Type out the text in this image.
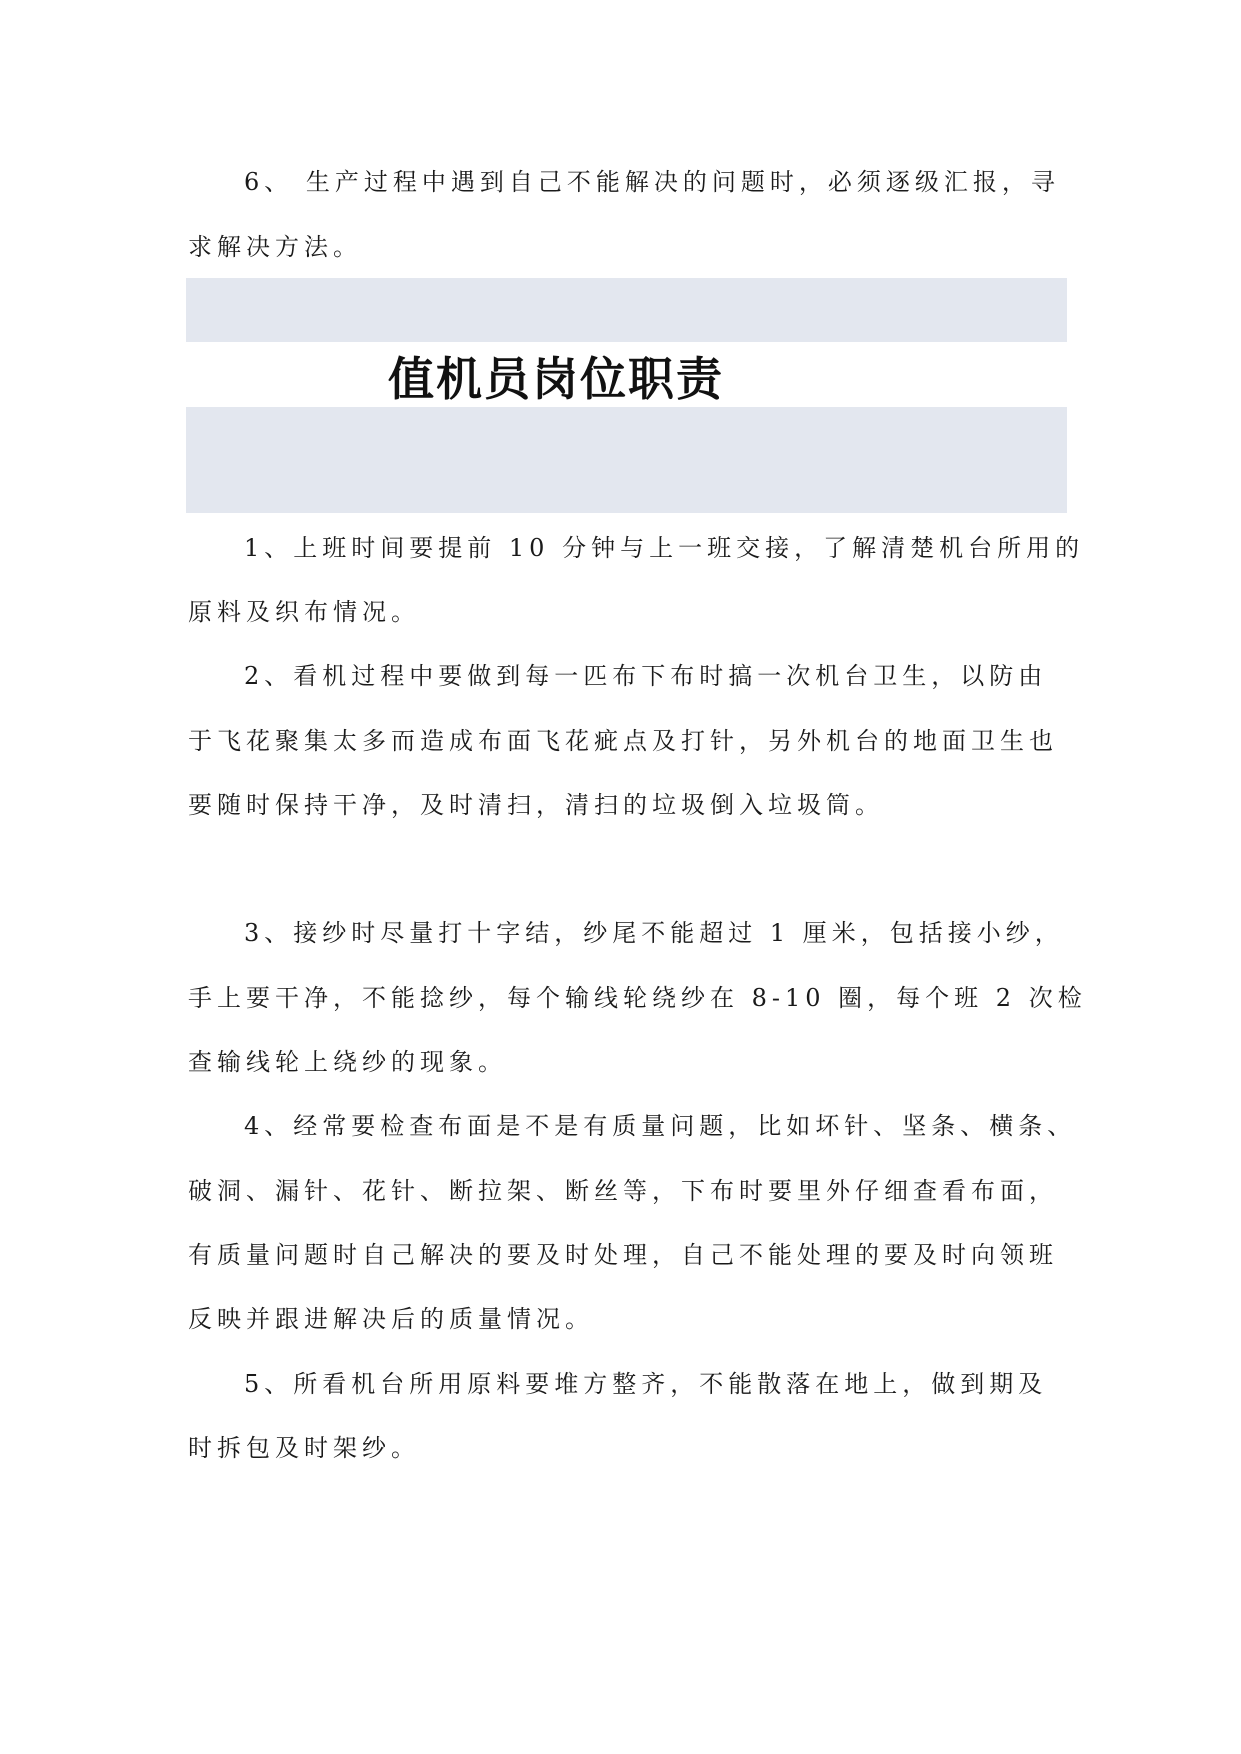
6、 生产过程中遇到自己不能解决的问题时，必须逐级汇报，寻

求解决方法。

值机员岗位职责

1、上班时间要提前 10 分钟与上一班交接，了解清楚机台所用的

原料及织布情况。

2、看机过程中要做到每一匹布下布时搞一次机台卫生，以防由

于飞花聚集太多而造成布面飞花疵点及打针，另外机台的地面卫生也

要随时保持干净，及时清扫，清扫的垃圾倒入垃圾筒。

3、接纱时尽量打十字结，纱尾不能超过 1 厘米，包括接小纱，

手上要干净，不能捻纱，每个输线轮绕纱在 8-10 圈，每个班 2 次检

查输线轮上绕纱的现象。

4、经常要检查布面是不是有质量问题，比如坏针、坚条、横条、

破洞、漏针、花针、断拉架、断丝等，下布时要里外仔细查看布面，

有质量问题时自己解决的要及时处理，自己不能处理的要及时向领班

反映并跟进解决后的质量情况。

5、所看机台所用原料要堆方整齐，不能散落在地上，做到期及

时拆包及时架纱。
